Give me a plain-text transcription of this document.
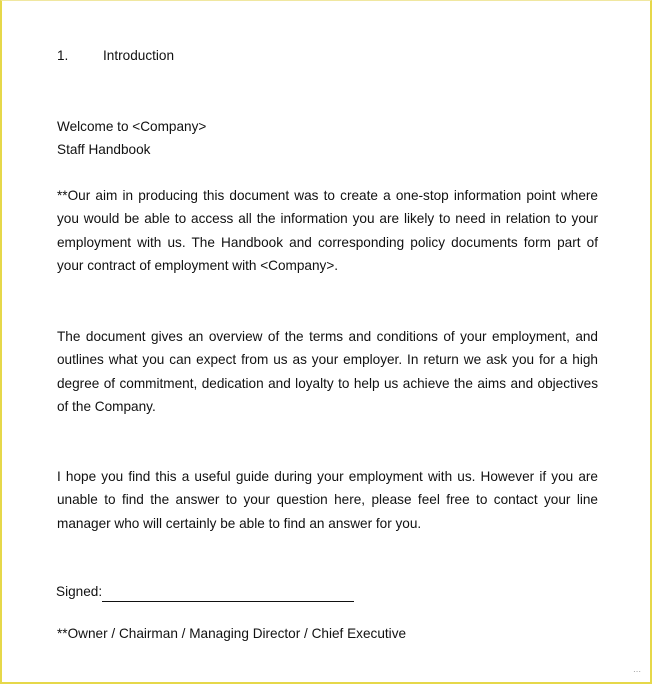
1.	Introduction

Welcome to <Company>

Staff Handbook

**Our aim in producing this document was to create a one-stop information point where you would be able to access all the information you are likely to need in relation to your employment with us. The Handbook and corresponding policy documents form part of your contract of employment with <Company>.

The document gives an overview of the terms and conditions of your employment, and outlines what you can expect from us as your employer. In return we ask you for a high degree of commitment, dedication and loyalty to help us achieve the aims and objectives of the Company.

I hope you find this a useful guide during your employment with us. However if you are unable to find the answer to your question here, please feel free to contact your line manager who will certainly be able to find an answer for you.

Signed:
**Owner / Chairman / Managing Director / Chief Executive
⋯
